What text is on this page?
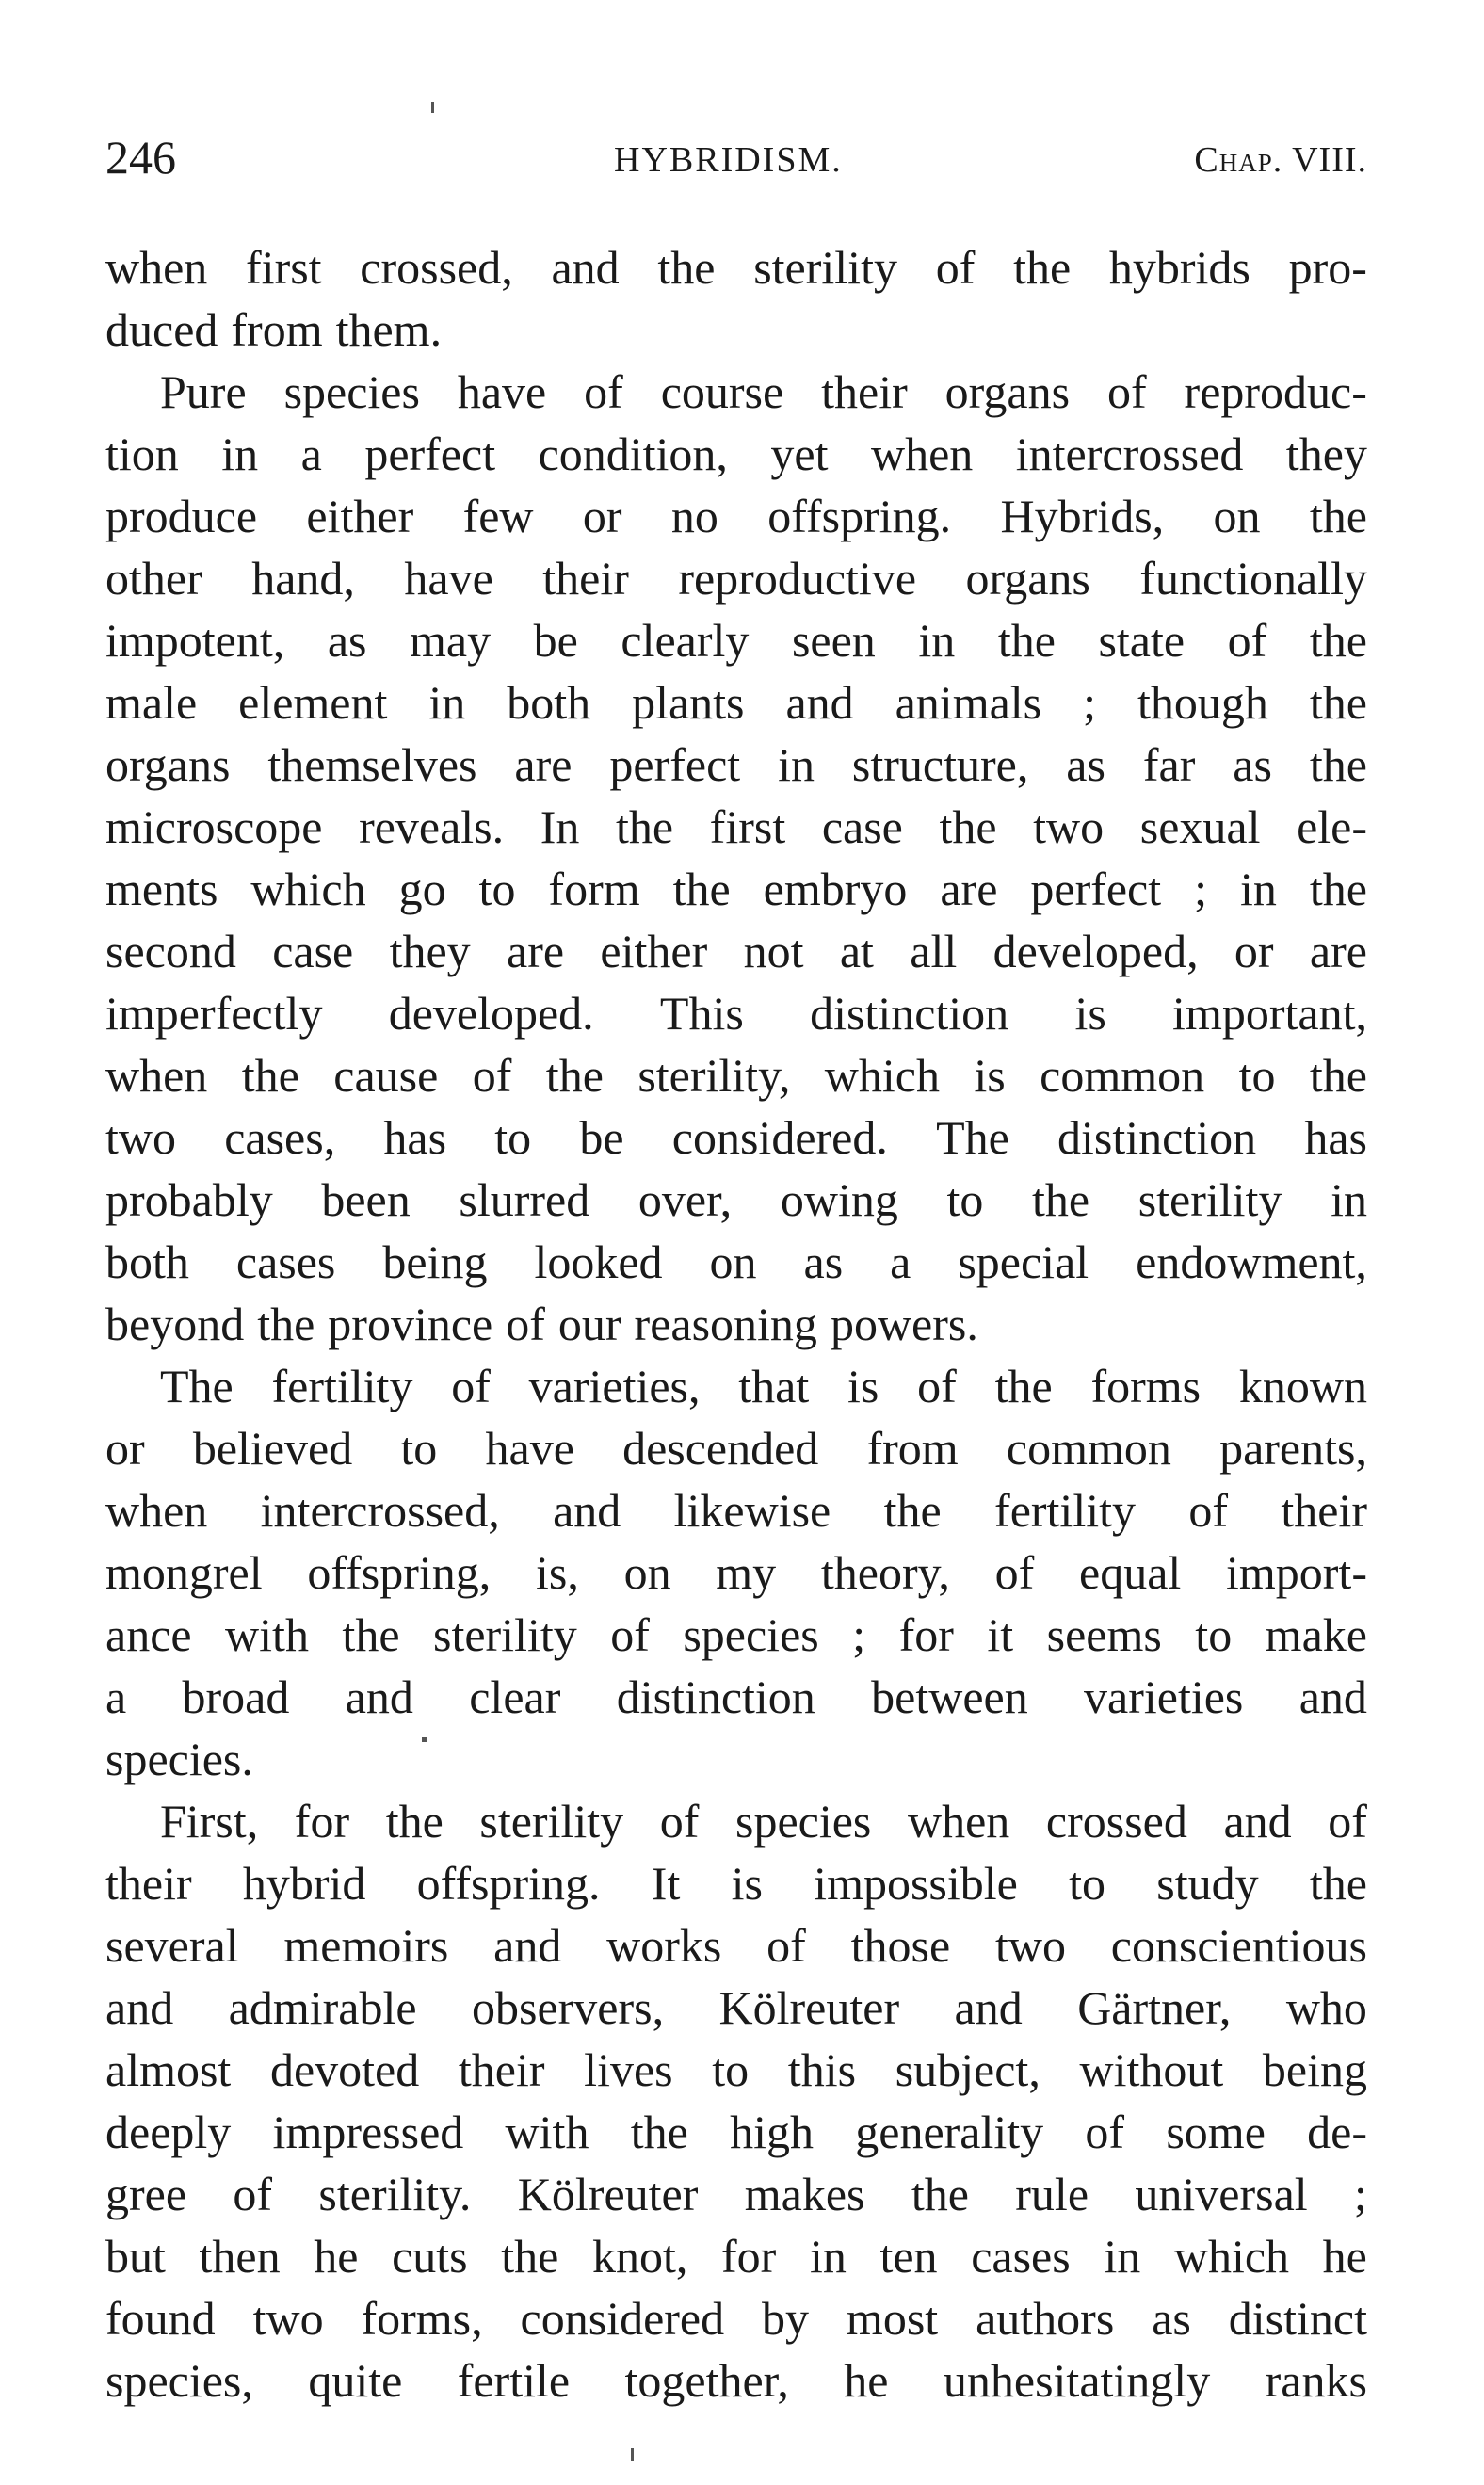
246	HYBRIDISM.	Chap. VIII.
when first crossed, and the sterility of the hybrids pro-
duced from them.
Pure species have of course their organs of reproduc-
tion in a perfect condition, yet when intercrossed they
produce either few or no offspring. Hybrids, on the
other hand, have their reproductive organs functionally
impotent, as may be clearly seen in the state of the
male element in both plants and animals ; though the
organs themselves are perfect in structure, as far as the
microscope reveals. In the first case the two sexual ele-
ments which go to form the embryo are perfect ; in the
second case they are either not at all developed, or are
imperfectly developed. This distinction is important,
when the cause of the sterility, which is common to the
two cases, has to be considered. The distinction has
probably been slurred over, owing to the sterility in
both cases being looked on as a special endowment,
beyond the province of our reasoning powers.
The fertility of varieties, that is of the forms known
or believed to have descended from common parents,
when intercrossed, and likewise the fertility of their
mongrel offspring, is, on my theory, of equal import-
ance with the sterility of species ; for it seems to make
a broad and clear distinction between varieties and
species.
First, for the sterility of species when crossed and of
their hybrid offspring. It is impossible to study the
several memoirs and works of those two conscientious
and admirable observers, Kölreuter and Gärtner, who
almost devoted their lives to this subject, without being
deeply impressed with the high generality of some de-
gree of sterility. Kölreuter makes the rule universal ;
but then he cuts the knot, for in ten cases in which he
found two forms, considered by most authors as distinct
species, quite fertile together, he unhesitatingly ranks
